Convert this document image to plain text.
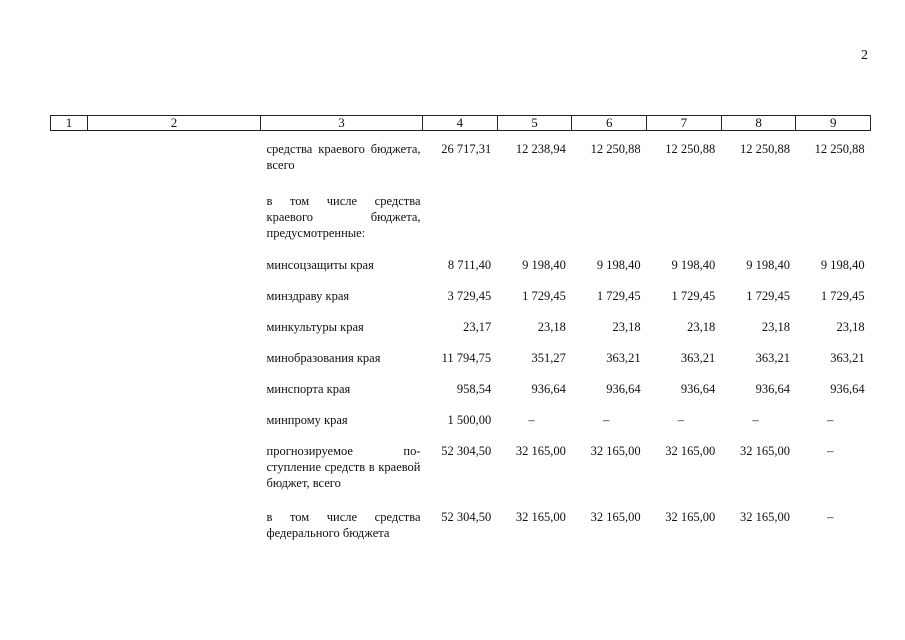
2
1	2	3	4	5	6	7	8	9

		средства краевого бюджета, всего	26 717,31	12 238,94	12 250,88	12 250,88	12 250,88	12 250,88

		в том числе средства краевого бюджета, предусмотренные:						

		минсоцзащиты края	8 711,40	9 198,40	9 198,40	9 198,40	9 198,40	9 198,40

		минздраву края	3 729,45	1 729,45	1 729,45	1 729,45	1 729,45	1 729,45

		минкультуры края	23,17	23,18	23,18	23,18	23,18	23,18

		минобразования края	11 794,75	351,27	363,21	363,21	363,21	363,21

		минспорта края	958,54	936,64	936,64	936,64	936,64	936,64

		минпрому края	1 500,00	–	–	–	–	–

		прогнозируемое по-ступление средств в краевой бюджет, всего	52 304,50	32 165,00	32 165,00	32 165,00	32 165,00	–

		в том числе средства федерального бюджета	52 304,50	32 165,00	32 165,00	32 165,00	32 165,00	–
